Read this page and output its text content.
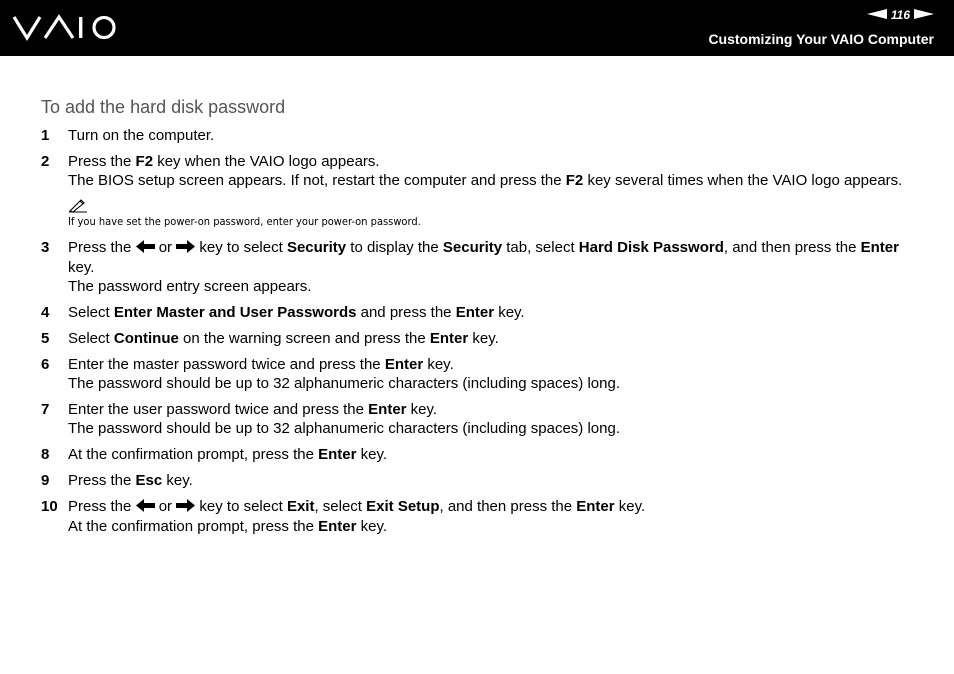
116
Customizing Your VAIO Computer
To add the hard disk password
1 Turn on the computer.
2 Press the F2 key when the VAIO logo appears.
The BIOS setup screen appears. If not, restart the computer and press the F2 key several times when the VAIO logo appears.
If you have set the power-on password, enter your power-on password.
3 Press the  or  key to select Security to display the Security tab, select Hard Disk Password, and then press the Enter key.
The password entry screen appears.
4 Select Enter Master and User Passwords and press the Enter key.
5 Select Continue on the warning screen and press the Enter key.
6 Enter the master password twice and press the Enter key.
The password should be up to 32 alphanumeric characters (including spaces) long.
7 Enter the user password twice and press the Enter key.
The password should be up to 32 alphanumeric characters (including spaces) long.
8 At the confirmation prompt, press the Enter key.
9 Press the Esc key.
10 Press the  or  key to select Exit, select Exit Setup, and then press the Enter key.
At the confirmation prompt, press the Enter key.
